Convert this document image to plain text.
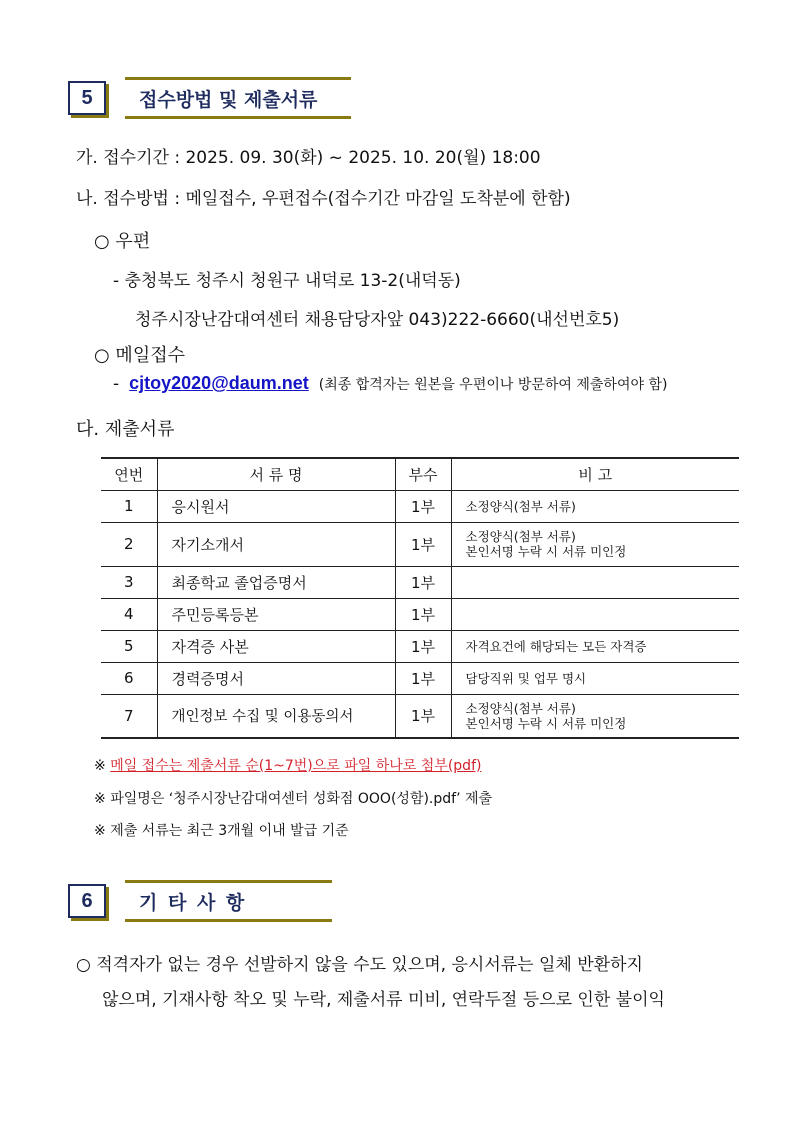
5 접수방법 및 제출서류
가. 접수기간 : 2025. 09. 30(화) ~ 2025. 10. 20(월) 18:00
나. 접수방법 : 메일접수, 우편접수(접수기간 마감일 도착분에 한함)
○ 우편
- 충청북도 청주시 청원구 내덕로 13-2(내덕동)
청주시장난감대여센터 채용담당자앞 043)222-6660(내선번호5)
○ 메일접수
- cjtoy2020@daum.net (최종 합격자는 원본을 우편이나 방문하여 제출하여야 함)
다. 제출서류
연번	서 류 명	부수	비 고
1	응시원서	1부	소정양식(첨부 서류)

2	자기소개서	1부	소정양식(첨부 서류)
본인서명 누락 시 서류 미인정

3	최종학교 졸업증명서	1부	
4	주민등록등본	1부	
5	자격증 사본	1부	자격요건에 해당되는 모든 자격증

6	경력증명서	1부	담당직위 및 업무 명시

7	개인정보 수집 및 이용동의서	1부	소정양식(첨부 서류)
본인서명 누락 시 서류 미인정
※ 메일 접수는 제출서류 순(1~7번)으로 파일 하나로 첨부(pdf)
※ 파일명은 ‘청주시장난감대여센터 성화점 OOO(성함).pdf’ 제출
※ 제출 서류는 최근 3개월 이내 발급 기준
6 기 타 사 항
○ 적격자가 없는 경우 선발하지 않을 수도 있으며, 응시서류는 일체 반환하지
않으며, 기재사항 착오 및 누락, 제출서류 미비, 연락두절 등으로 인한 불이익
